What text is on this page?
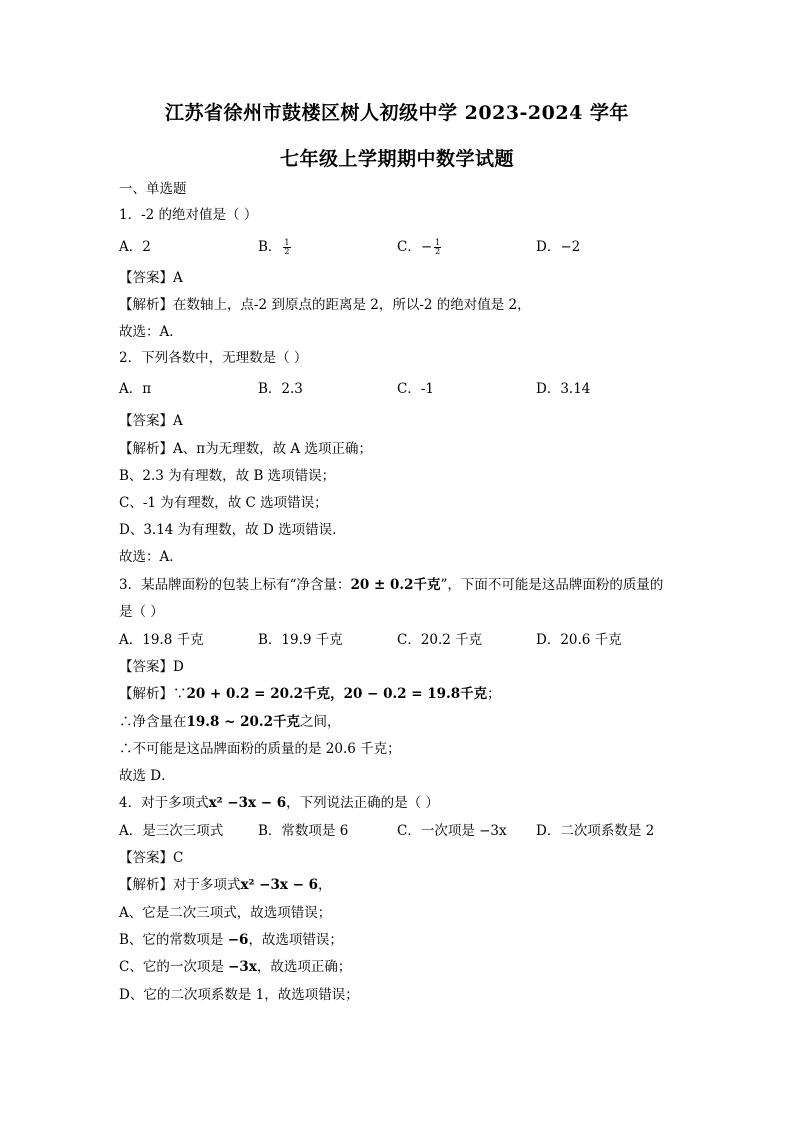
江苏省徐州市鼓楼区树人初级中学 2023-2024 学年
七年级上学期期中数学试题
一、单选题
1．-2 的绝对值是（ ）
A．2	B． $\frac{1}{2}$	C．− $\frac{1}{2}$	D．−2
【答案】A
【解析】在数轴上，点-2 到原点的距离是 2，所以-2 的绝对值是 2，
故选：A．
2．下列各数中，无理数是（ ）
A．π	B．2.3	C．-1	D．3.14
【答案】A
【解析】A、π为无理数，故 A 选项正确；
B、2.3 为有理数，故 B 选项错误；
C、-1 为有理数，故 C 选项错误；
D、3.14 为有理数，故 D 选项错误．
故选：A．
3．某品牌面粉的包装上标有“净含量：20 ± 0.2千克”，下面不可能是这品牌面粉的质量的
是（ ）
A．19.8 千克	B．19.9 千克	C．20.2 千克	D．20.6 千克
【答案】D
【解析】∵20 + 0.2 = 20.2千克，20 − 0.2 = 19.8千克；
∴净含量在19.8 ~ 20.2千克之间，
∴不可能是这品牌面粉的质量的是 20.6 千克；
故选 D．
4．对于多项式x² −3x − 6，下列说法正确的是（ ）
A．是三次三项式	B．常数项是 6	C．一次项是 −3x D．二次项系数是 2
【答案】C
【解析】对于多项式x² −3x − 6，
A、它是二次三项式，故选项错误；
B、它的常数项是 −6，故选项错误；
C、它的一次项是 −3x，故选项正确；
D、它的二次项系数是 1，故选项错误；
